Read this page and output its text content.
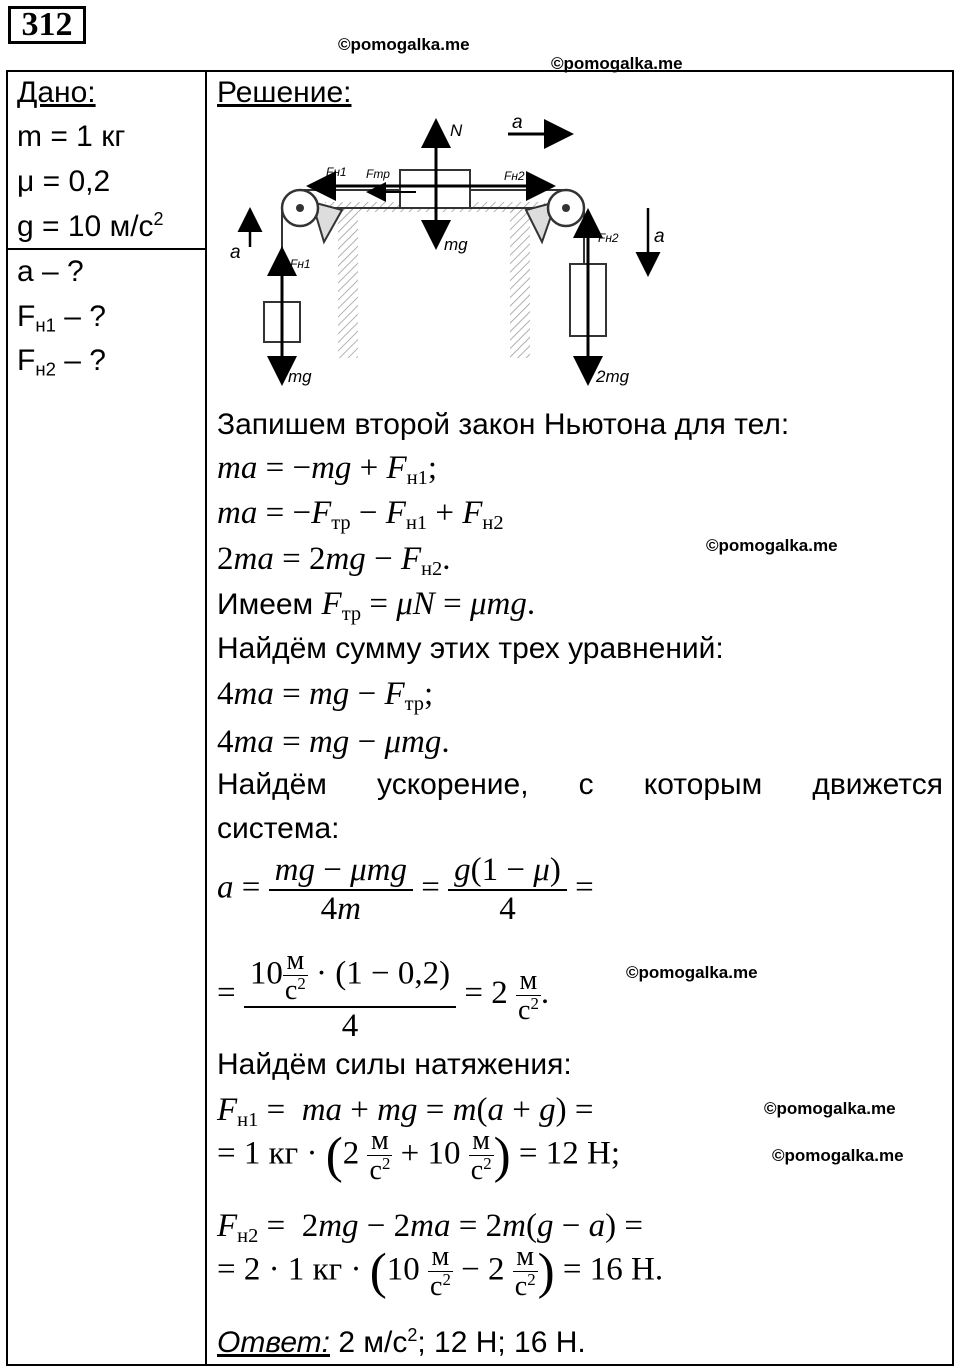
312
©pomogalka.me
©pomogalka.me
©pomogalka.me
©pomogalka.me
©pomogalka.me
©pomogalka.me
Дано:
m = 1 кг
μ = 0,2
g = 10 $м/с^2$
a – ?
$F_{н1}$ – ?
$F_{н2}$ – ?
Решение:
N	a
Fн1 Fтр	Fн2
mg
a
Fн1
mg
a
Fн2
2mg
Запишем второй закон Ньютона для тел:
ma = $-mg + F_{н1}$;
ma = $-F_{тр} - F_{н1} + F_{н2}$
$2ma = 2mg - F_{н2}$.
Имеем $F_{тр} = \mu N = \mu mg$.
Найдём сумму этих трех уравнений:
4ma = mg − $F_{тр}$;
4ma = mg − μmg.
Найдём ускорение, с которым движется
система:
$a = \frac{\text{mg − μmg}}{4m} = \frac{g(1 - \mu)}{4}$ =
= 10 м
$с^2 \cdot (1 - 0,2)$
4 = 2 м
$с^2$ .
Найдём силы натяжения:
$F_{н1}$ =  ma + mg = m(a + g) =
= 1 кг · (2 м
$с^2 + 10$ м
$с^2$ ) = 12 Н;
$F_{н2} = 2mg - 2ma = 2m(g - a)$ =
= 2 · 1 кг · (10 м
$с^2 - 2$ м
$с^2$ ) = 16 Н.
Ответ: 2 $м/с^2$; 12 Н; 16 Н.
